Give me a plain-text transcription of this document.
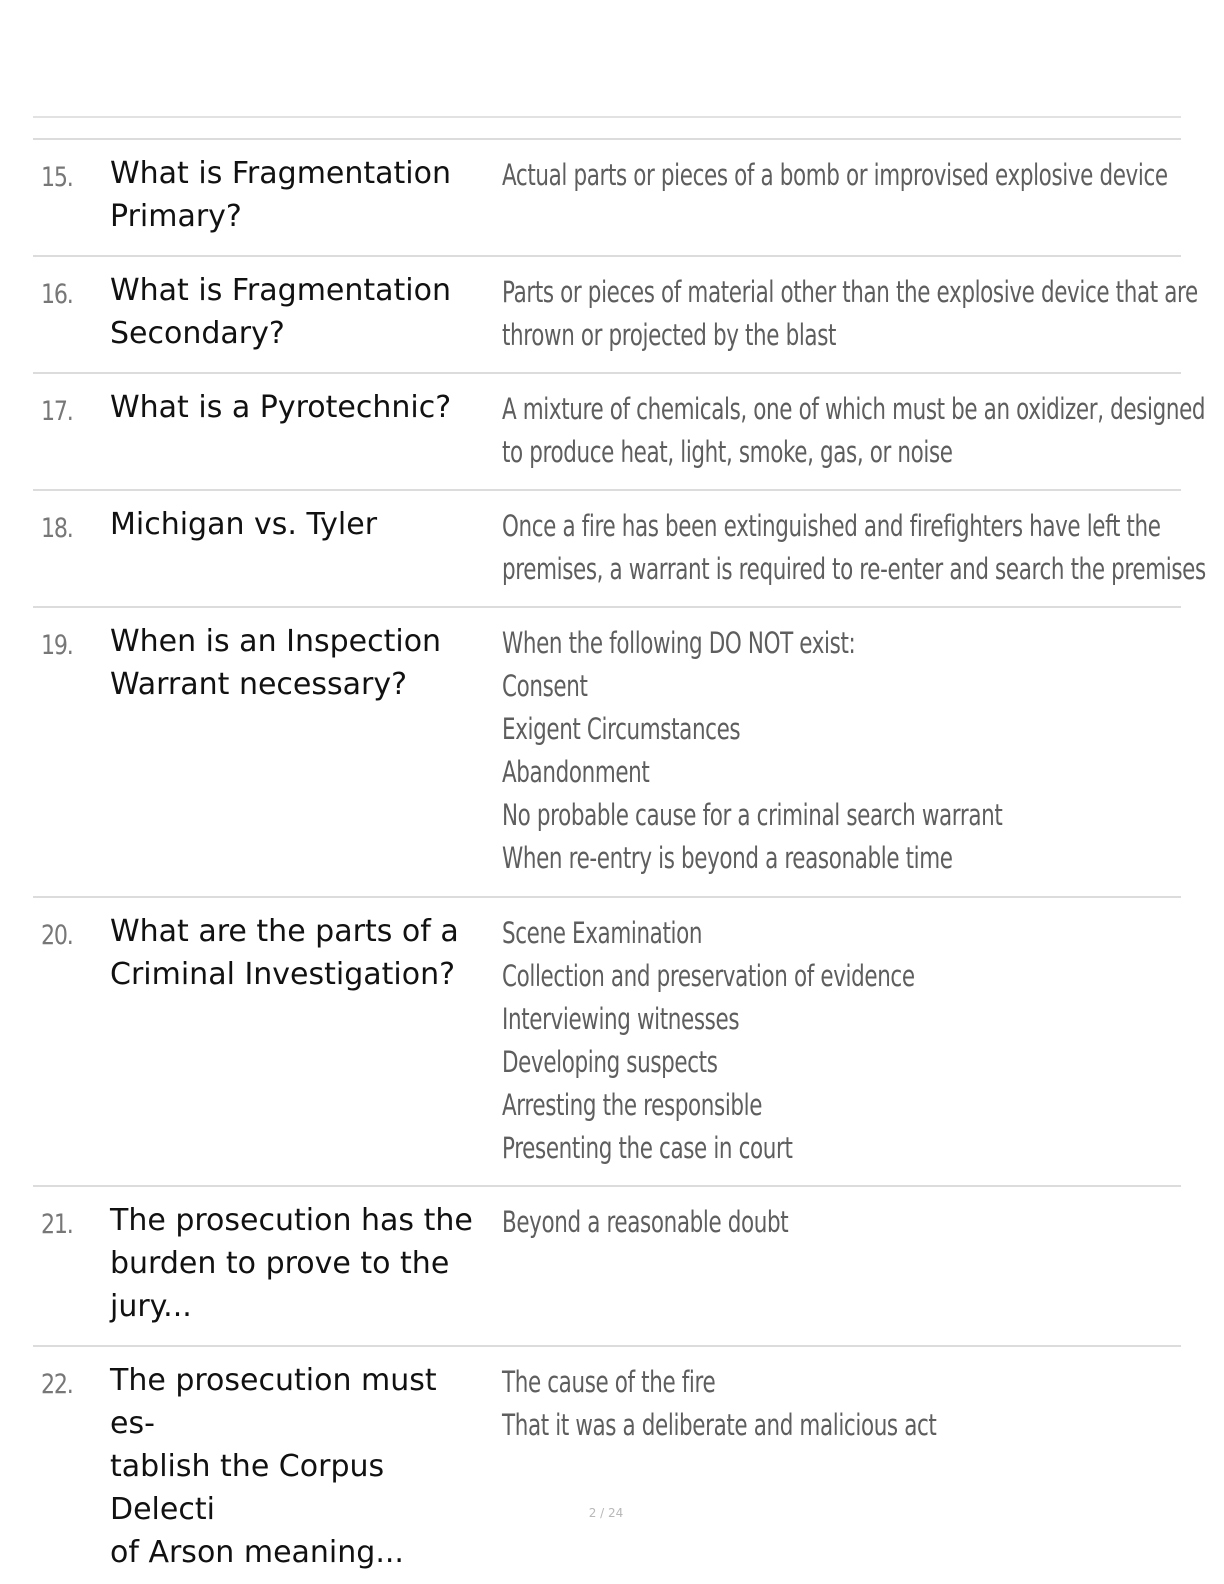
15. What is Fragmentation
Primary?
Actual parts or pieces of a bomb or improvised explosive device
16. What is Fragmentation
Secondary?
Parts or pieces of material other than the explosive device that are
thrown or projected by the blast
17. What is a Pyrotechnic?	A mixture of chemicals, one of which must be an oxidizer, designed
to produce heat, light, smoke, gas, or noise
18. Michigan vs. Tyler	Once a fire has been extinguished and firefighters have left the
premises, a warrant is required to re-enter and search the premises
19. When is an Inspection
Warrant necessary?
When the following DO NOT exist:
Consent
Exigent Circumstances
Abandonment
No probable cause for a criminal search warrant
When re-entry is beyond a reasonable time
20. What are the parts of a
Criminal Investigation?
Scene Examination
Collection and preservation of evidence
Interviewing witnesses
Developing suspects
Arresting the responsible
Presenting the case in court
21. The prosecution has the
burden to prove to the
jury...
Beyond a reasonable doubt
22. The prosecution must es-
tablish the Corpus Delecti
of Arson meaning...
The cause of the fire
That it was a deliberate and malicious act
2 / 24
